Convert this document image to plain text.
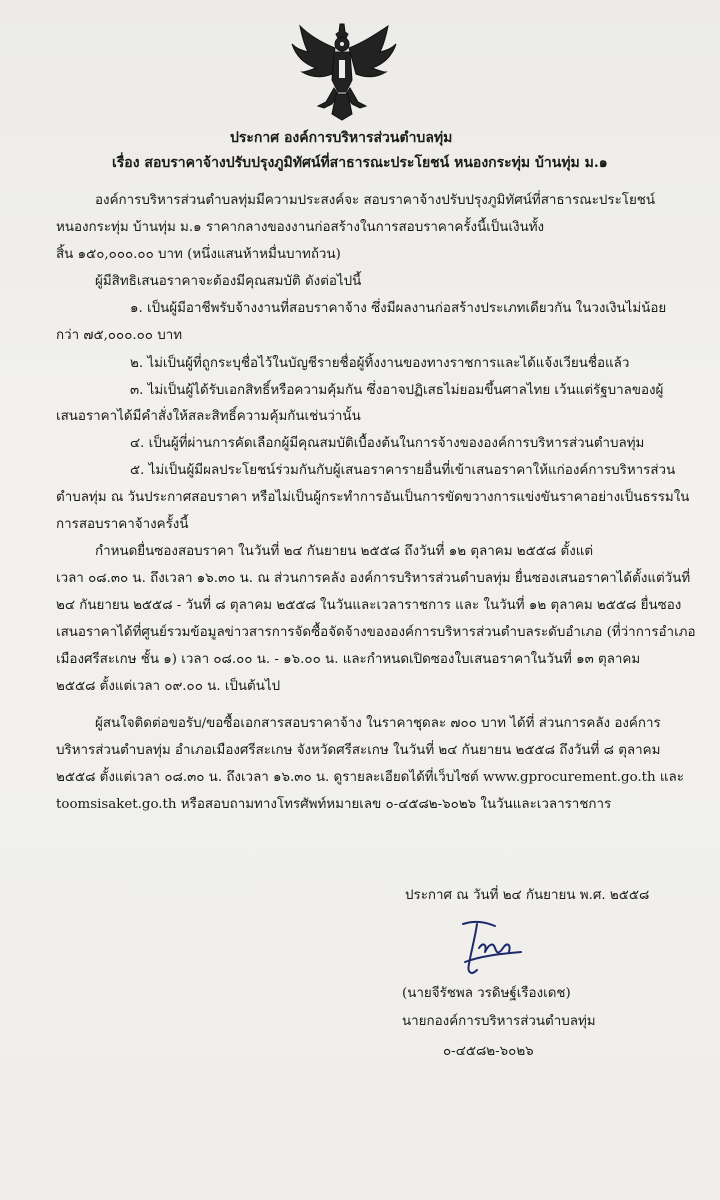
ประกาศ องค์การบริหารส่วนตำบลทุ่ม
เรื่อง สอบราคาจ้างปรับปรุงภูมิทัศน์ที่สาธารณะประโยชน์ หนองกระทุ่ม บ้านทุ่ม ม.๑
องค์การบริหารส่วนตำบลทุ่มมีความประสงค์จะ สอบราคาจ้างปรับปรุงภูมิทัศน์ที่สาธารณะประโยชน์
หนองกระทุ่ม บ้านทุ่ม ม.๑ ราคากลางของงานก่อสร้างในการสอบราคาครั้งนี้เป็นเงินทั้ง
สิ้น ๑๕๐,๐๐๐.๐๐ บาท (หนึ่งแสนห้าหมื่นบาทถ้วน)
ผู้มีสิทธิเสนอราคาจะต้องมีคุณสมบัติ ดังต่อไปนี้
๑. เป็นผู้มีอาชีพรับจ้างงานที่สอบราคาจ้าง ซึ่งมีผลงานก่อสร้างประเภทเดียวกัน ในวงเงินไม่น้อย
กว่า ๗๕,๐๐๐.๐๐ บาท
๒. ไม่เป็นผู้ที่ถูกระบุชื่อไว้ในบัญชีรายชื่อผู้ทิ้งงานของทางราชการและได้แจ้งเวียนชื่อแล้ว
๓. ไม่เป็นผู้ได้รับเอกสิทธิ์หรือความคุ้มกัน ซึ่งอาจปฏิเสธไม่ยอมขึ้นศาลไทย เว้นแต่รัฐบาลของผู้
เสนอราคาได้มีคำสั่งให้สละสิทธิ์ความคุ้มกันเช่นว่านั้น
๔. เป็นผู้ที่ผ่านการคัดเลือกผู้มีคุณสมบัติเบื้องต้นในการจ้างขององค์การบริหารส่วนตำบลทุ่ม
๕. ไม่เป็นผู้มีผลประโยชน์ร่วมกันกับผู้เสนอราคารายอื่นที่เข้าเสนอราคาให้แก่องค์การบริหารส่วน
ตำบลทุ่ม ณ วันประกาศสอบราคา หรือไม่เป็นผู้กระทำการอันเป็นการขัดขวางการแข่งขันราคาอย่างเป็นธรรมใน
การสอบราคาจ้างครั้งนี้
กำหนดยื่นซองสอบราคา ในวันที่ ๒๔ กันยายน ๒๕๕๘ ถึงวันที่ ๑๒ ตุลาคม ๒๕๕๘ ตั้งแต่
เวลา ๐๘.๓๐ น. ถึงเวลา ๑๖.๓๐ น. ณ ส่วนการคลัง องค์การบริหารส่วนตำบลทุ่ม ยื่นซองเสนอราคาได้ตั้งแต่วันที่
๒๔ กันยายน ๒๕๕๘ - วันที่ ๘ ตุลาคม ๒๕๕๘ ในวันและเวลาราชการ และ ในวันที่ ๑๒ ตุลาคม ๒๕๕๘ ยื่นซอง
เสนอราคาได้ที่ศูนย์รวมข้อมูลข่าวสารการจัดซื้อจัดจ้างขององค์การบริหารส่วนตำบลระดับอำเภอ (ที่ว่าการอำเภอ
เมืองศรีสะเกษ ชั้น ๑) เวลา ๐๘.๐๐ น. - ๑๖.๐๐ น. และกำหนดเปิดซองใบเสนอราคาในวันที่ ๑๓ ตุลาคม
๒๕๕๘ ตั้งแต่เวลา ๐๙.๐๐ น. เป็นต้นไป
ผู้สนใจติดต่อขอรับ/ขอซื้อเอกสารสอบราคาจ้าง ในราคาชุดละ ๗๐๐ บาท ได้ที่ ส่วนการคลัง องค์การ
บริหารส่วนตำบลทุ่ม อำเภอเมืองศรีสะเกษ จังหวัดศรีสะเกษ ในวันที่ ๒๔ กันยายน ๒๕๕๘ ถึงวันที่ ๘ ตุลาคม
๒๕๕๘ ตั้งแต่เวลา ๐๘.๓๐ น. ถึงเวลา ๑๖.๓๐ น. ดูรายละเอียดได้ที่เว็บไซต์ www.gprocurement.go.th และ
toomsisaket.go.th หรือสอบถามทางโทรศัพท์หมายเลข ๐-๔๕๘๒-๖๐๒๖ ในวันและเวลาราชการ
ประกาศ ณ วันที่ ๒๔ กันยายน พ.ศ. ๒๕๕๘
(นายจีรัชพล วรดิษฐ์เรืองเดช)
นายกองค์การบริหารส่วนตำบลทุ่ม
๐-๔๕๘๒-๖๐๒๖
